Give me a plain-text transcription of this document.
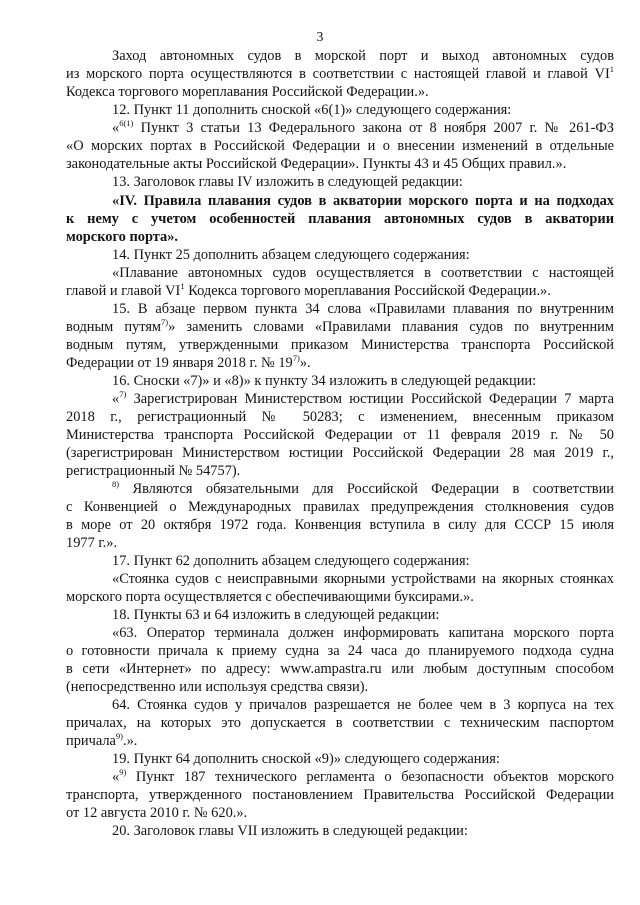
3

Заход автономных судов в морской порт и выход автономных судов

из морского порта осуществляются в соответствии с настоящей главой и главой $VI^1$

Кодекса торгового мореплавания Российской Федерации.».

12. Пункт 11 дополнить сноской «6(1)» следующего содержания:

«$^{6(1)}$ Пункт 3 статьи 13 Федерального закона от 8 ноября 2007 г. № 261-ФЗ

«О морских портах в Российской Федерации и о внесении изменений в отдельные

законодательные акты Российской Федерации». Пункты 43 и 45 Общих правил.».

13. Заголовок главы IV изложить в следующей редакции:

«IV. Правила плавания судов в акватории морского порта и на подходах

к нему с учетом особенностей плавания автономных судов в акватории

морского порта».

14. Пункт 25 дополнить абзацем следующего содержания:

«Плавание автономных судов осуществляется в соответствии с настоящей

главой и главой $VI^1$ Кодекса торгового мореплавания Российской Федерации.».

15. В абзаце первом пункта 34 слова «Правилами плавания по внутренним

водным путям$^{7)}$» заменить словами «Правилами плавания судов по внутренним

водным путям, утвержденными приказом Министерства транспорта Российской

Федерации от 19 января 2018 г. № 19$^{7)}$».

16. Сноски «7)» и «8)» к пункту 34 изложить в следующей редакции:

«$^{7)}$ Зарегистрирован Министерством юстиции Российской Федерации 7 марта

2018 г., регистрационный № 50283; с изменением, внесенным приказом

Министерства транспорта Российской Федерации от 11 февраля 2019 г. № 50

(зарегистрирован Министерством юстиции Российской Федерации 28 мая 2019 г.,

регистрационный № 54757).

$^{8)}$ Являются обязательными для Российской Федерации в соответствии

с Конвенцией о Международных правилах предупреждения столкновения судов

в море от 20 октября 1972 года. Конвенция вступила в силу для СССР 15 июля

1977 г.».

17. Пункт 62 дополнить абзацем следующего содержания:

«Стоянка судов с неисправными якорными устройствами на якорных стоянках

морского порта осуществляется с обеспечивающими буксирами.».

18. Пункты 63 и 64 изложить в следующей редакции:

«63. Оператор терминала должен информировать капитана морского порта

о готовности причала к приему судна за 24 часа до планируемого подхода судна

в сети «Интернет» по адресу: www.ampastra.ru или любым доступным способом

(непосредственно или используя средства связи).

64. Стоянка судов у причалов разрешается не более чем в 3 корпуса на тех

причалах, на которых это допускается в соответствии с техническим паспортом

причала$^{9)}$.».

19. Пункт 64 дополнить сноской «9)» следующего содержания:

«$^{9)}$ Пункт 187 технического регламента о безопасности объектов морского

транспорта, утвержденного постановлением Правительства Российской Федерации

от 12 августа 2010 г. № 620.».

20. Заголовок главы VII изложить в следующей редакции:
